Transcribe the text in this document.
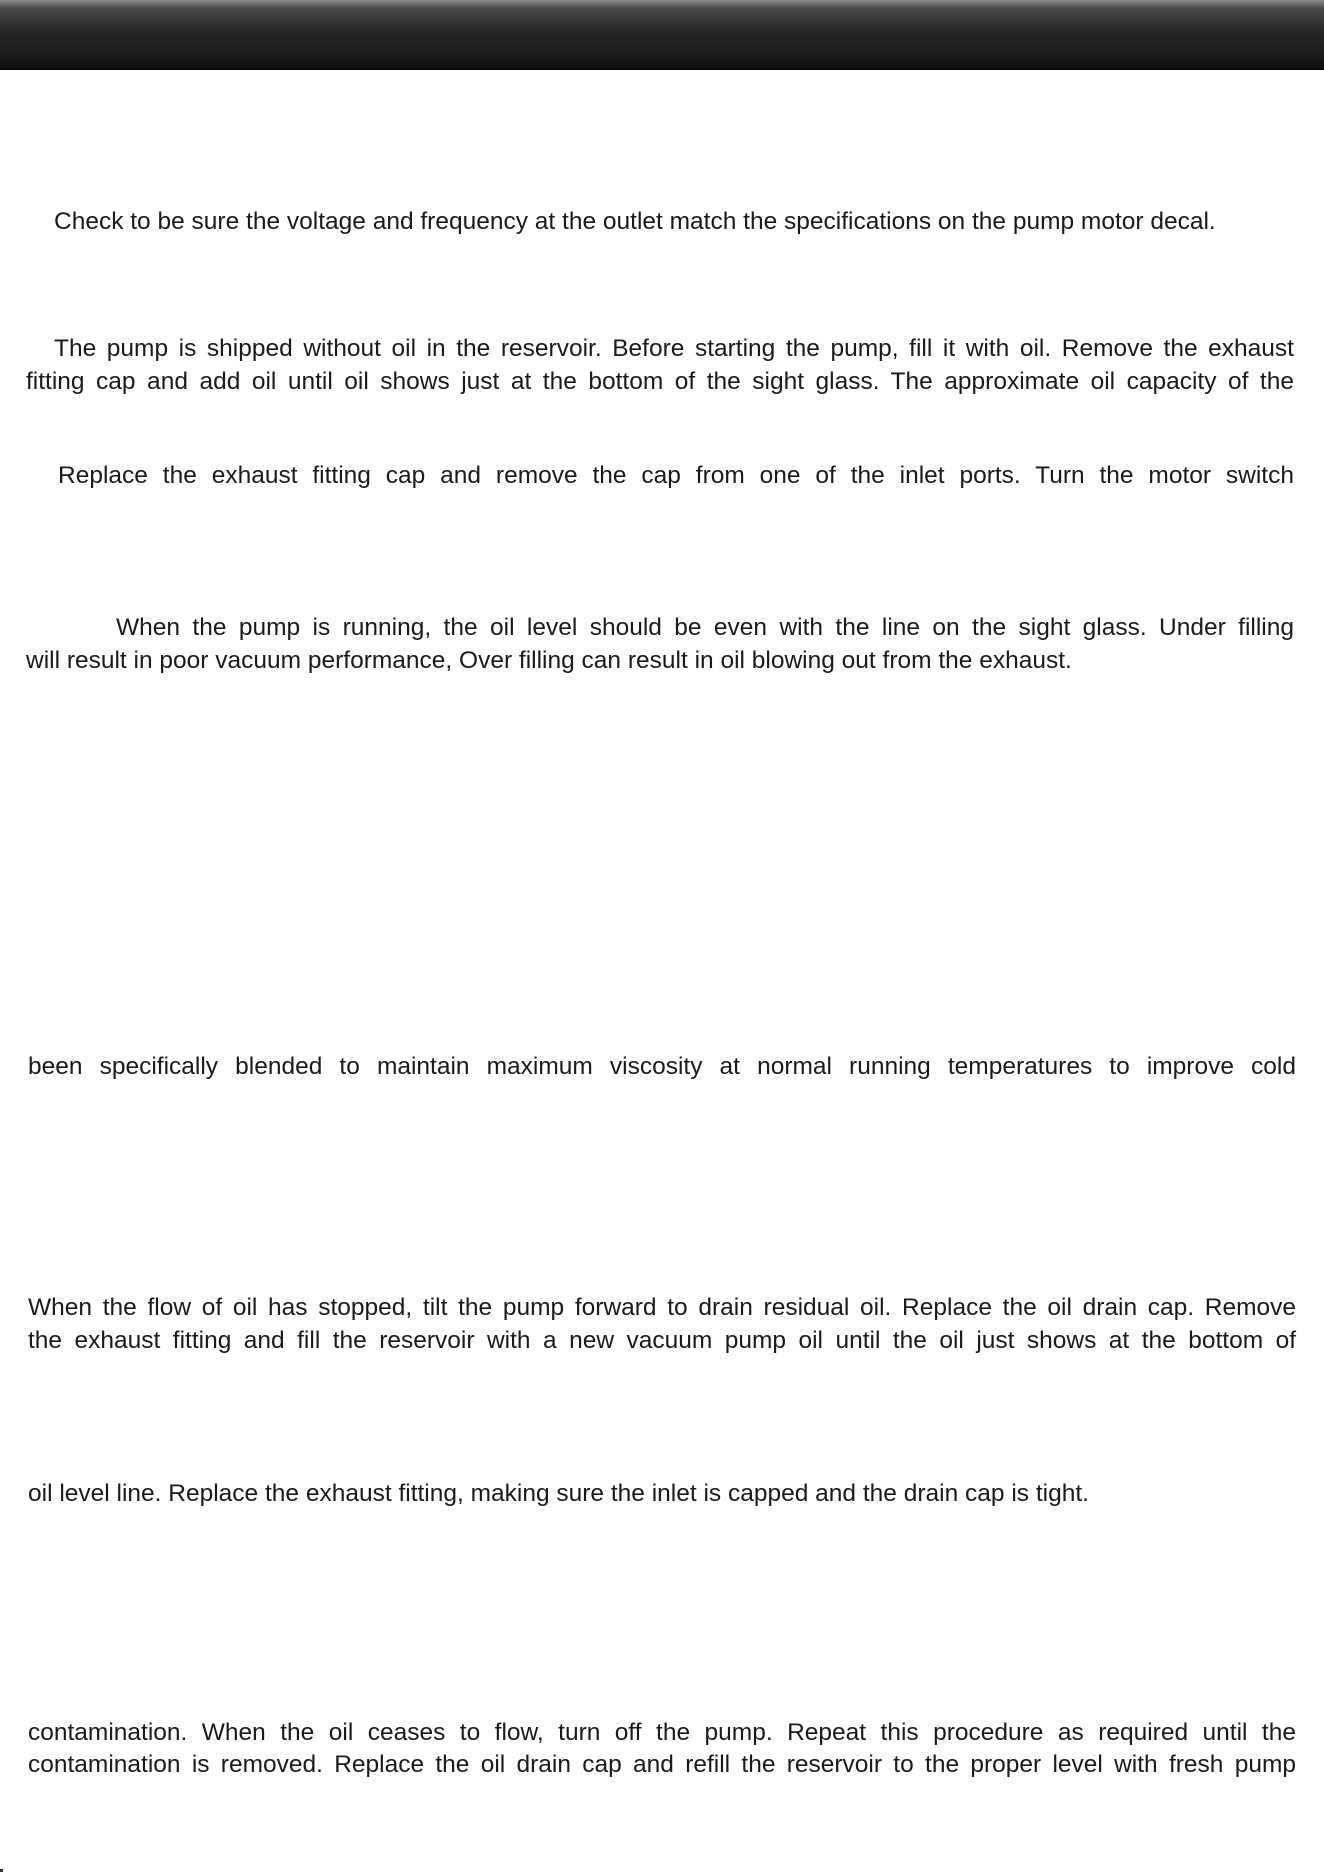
Check to be sure the voltage and frequency at the outlet match the specifications on the pump motor decal.

The pump is shipped without oil in the reservoir. Before starting the pump, fill it with oil. Remove the exhaust

fitting cap and add oil until oil shows just at the bottom of the sight glass. The approximate oil capacity of the

Replace the exhaust fitting cap and remove the cap from one of the inlet ports. Turn the motor switch

When the pump is running, the oil level should be even with the line on the sight glass. Under filling

will result in poor vacuum performance, Over filling can result in oil blowing out from the exhaust.

been specifically blended to maintain maximum viscosity at normal running temperatures to improve cold

When the flow of oil has stopped, tilt the pump forward to drain residual oil. Replace the oil drain cap. Remove

the exhaust fitting and fill the reservoir with a new vacuum pump oil until the oil just shows at the bottom of

oil level line. Replace the exhaust fitting, making sure the inlet is capped and the drain cap is tight.

contamination. When the oil ceases to flow, turn off the pump. Repeat this procedure as required until the

contamination is removed. Replace the oil drain cap and refill the reservoir to the proper level with fresh pump
